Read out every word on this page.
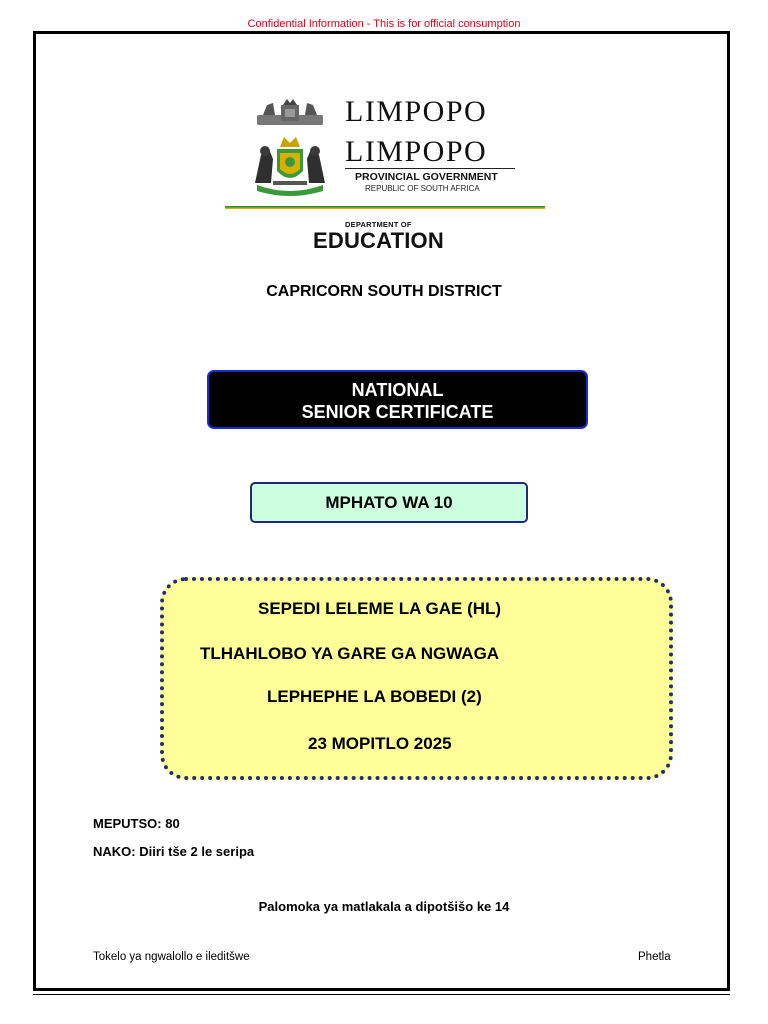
Confidential Information - This is for official consumption
LIMPOPO
LIMPOPO
PROVINCIAL GOVERNMENT
REPUBLIC OF SOUTH AFRICA
DEPARTMENT OF
EDUCATION
CAPRICORN SOUTH DISTRICT
NATIONAL
SENIOR CERTIFICATE
MPHATO WA 10
SEPEDI LELEME LA GAE (HL)
TLHAHLOBO YA GARE GA NGWAGA
LEPHEPHE LA BOBEDI (2)
23 MOPITLO 2025
MEPUTSO: 80
NAKO: Diiri tše 2 le seripa
Palomoka ya matlakala a dipotšišo ke 14
Tokelo ya ngwalollo e ileditšwe	Phetla
